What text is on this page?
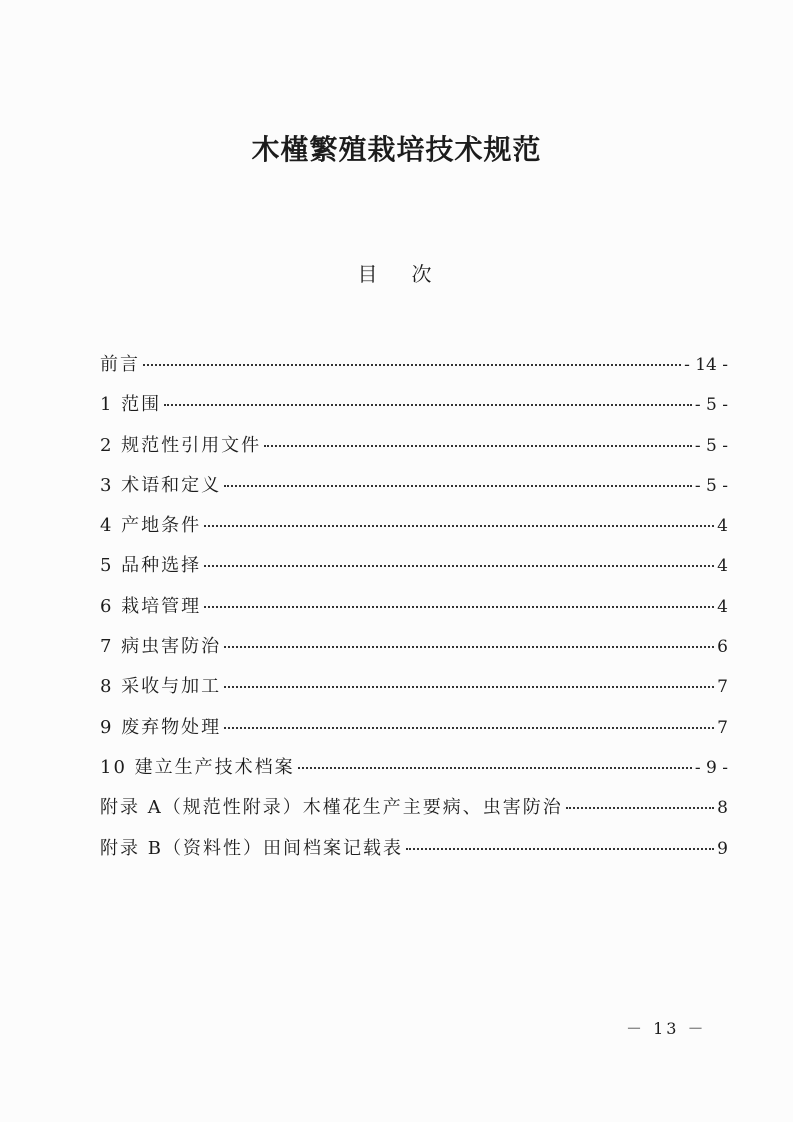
木槿繁殖栽培技术规范
目次
前言	- 14 -
1 范围	- 5 -
2 规范性引用文件	- 5 -
3 术语和定义	- 5 -
4 产地条件	4
5 品种选择	4
6 栽培管理	4
7 病虫害防治	6
8 采收与加工	7
9 废弃物处理	7
10 建立生产技术档案	- 9 -
附录 A（规范性附录）木槿花生产主要病、虫害防治	8
附录 B（资料性）田间档案记载表	9
－ 13 －
